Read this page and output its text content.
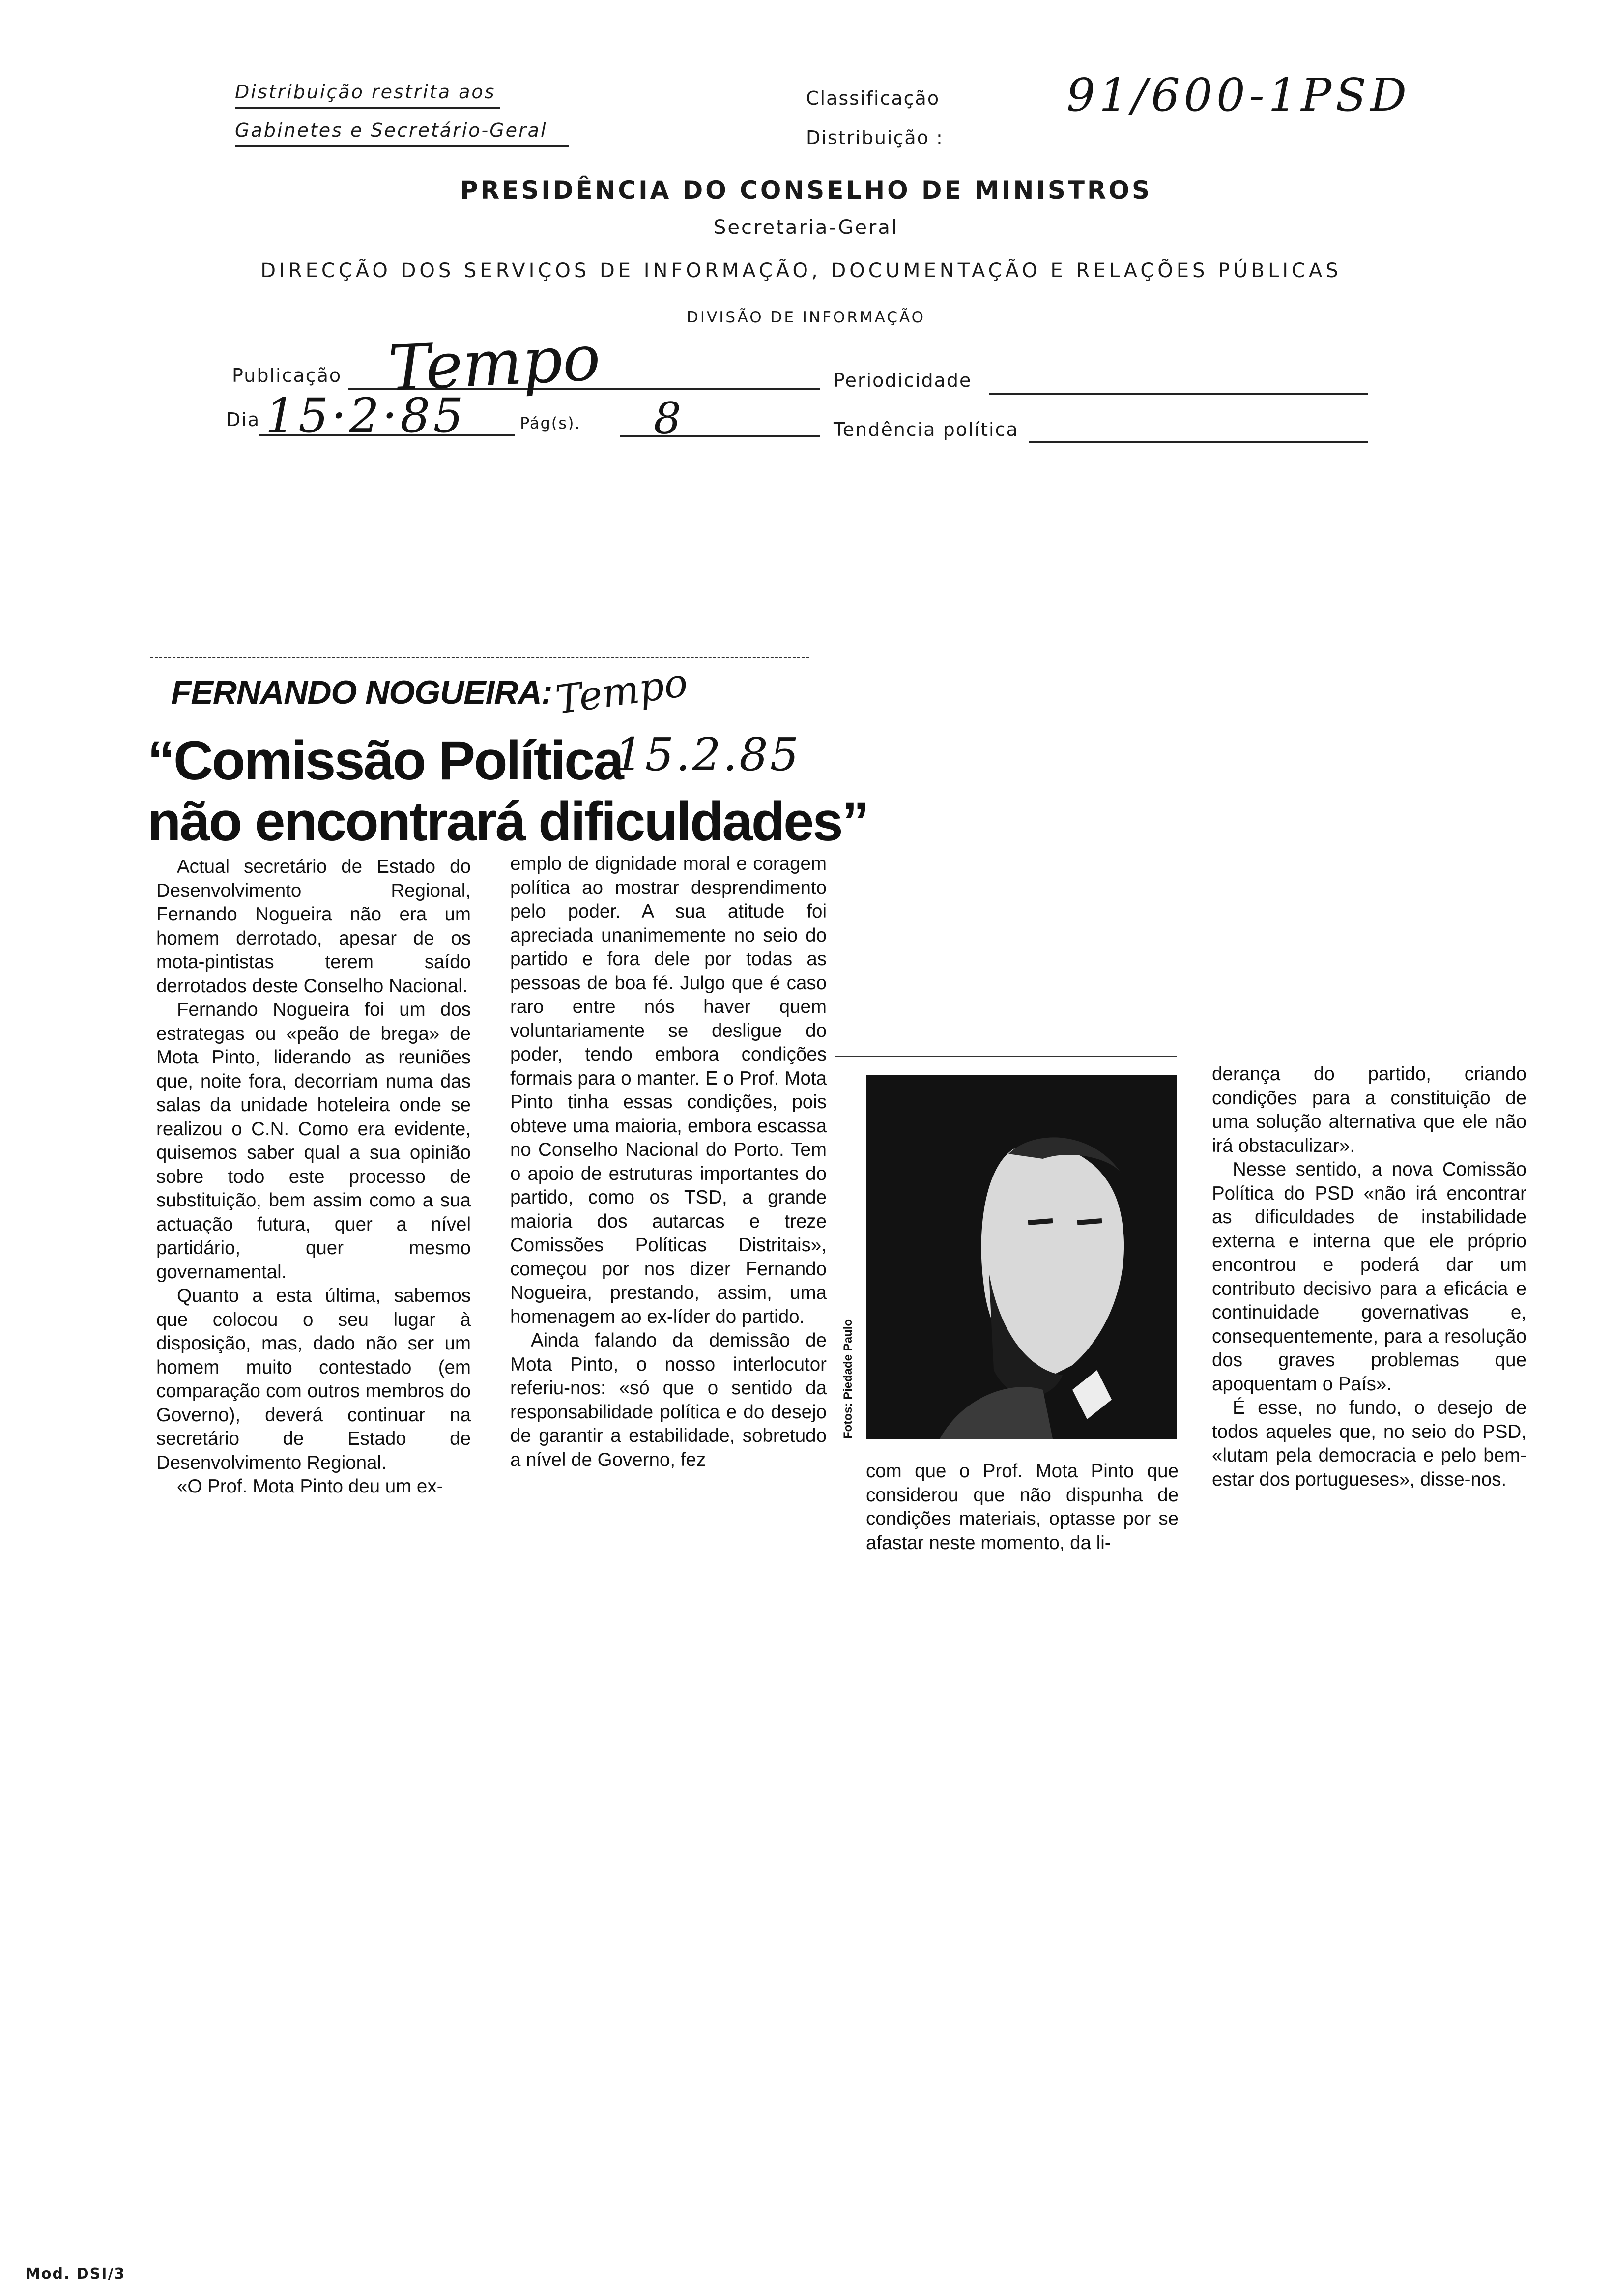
Distribuição restrita aos
Gabinetes e Secretário-Geral
Classificação
Distribuição :
91/600-1PSD
PRESIDÊNCIA DO CONSELHO DE MINISTROS
Secretaria-Geral
DIRECÇÃO DOS SERVIÇOS DE INFORMAÇÃO, DOCUMENTAÇÃO E RELAÇÕES PÚBLICAS
DIVISÃO DE INFORMAÇÃO
Publicação Tempo	Periodicidade
Dia 15·2·85	Pág(s). 8	Tendência política
FERNANDO NOGUEIRA: Tempo
“Comissão Política
15.2.85
não encontrará dificuldades”

Actual secretário de Estado do Desenvolvimento Regional, Fernando Nogueira não era um homem derrotado, apesar de os mota-pintistas terem saído derrotados deste Conselho Nacional.

Fernando Nogueira foi um dos estrategas ou «peão de brega» de Mota Pinto, liderando as reuniões que, noite fora, decorriam numa das salas da unidade hoteleira onde se realizou o C.N. Como era evidente, quisemos saber qual a sua opinião sobre todo este processo de substituição, bem assim como a sua actuação futura, quer a nível partidário, quer mesmo governamental.

Quanto a esta última, sabemos que colocou o seu lugar à disposição, mas, dado não ser um homem muito contestado (em comparação com outros membros do Governo), deverá continuar na secretário de Estado de Desenvolvimento Regional.

«O Prof. Mota Pinto deu um ex-

emplo de dignidade moral e coragem política ao mostrar desprendimento pelo poder. A sua atitude foi apreciada unanimemente no seio do partido e fora dele por todas as pessoas de boa fé. Julgo que é caso raro entre nós haver quem voluntariamente se desligue do poder, tendo embora condições formais para o manter. E o Prof. Mota Pinto tinha essas condições, pois obteve uma maioria, embora escassa no Conselho Nacional do Porto. Tem o apoio de estruturas importantes do partido, como os TSD, a grande maioria dos autarcas e treze Comissões Políticas Distritais», começou por nos dizer Fernando Nogueira, prestando, assim, uma homenagem ao ex-líder do partido.

Ainda falando da demissão de Mota Pinto, o nosso interlocutor referiu-nos: «só que o sentido da responsabilidade política e do desejo de garantir a estabilidade, sobretudo a nível de Governo, fez

Fotos: Piedade Paulo

com que o Prof. Mota Pinto que considerou que não dispunha de condições materiais, optasse por se afastar neste momento, da li-

derança do partido, criando condições para a constituição de uma solução alternativa que ele não irá obstaculizar».

Nesse sentido, a nova Comissão Política do PSD «não irá encontrar as dificuldades de instabilidade externa e interna que ele próprio encontrou e poderá dar um contributo decisivo para a eficácia e continuidade governativas e, consequentemente, para a resolução dos graves problemas que apoquentam o País».

É esse, no fundo, o desejo de todos aqueles que, no seio do PSD, «lutam pela democracia e pelo bem-estar dos portugueses», disse-nos.

Mod. DSI/3
